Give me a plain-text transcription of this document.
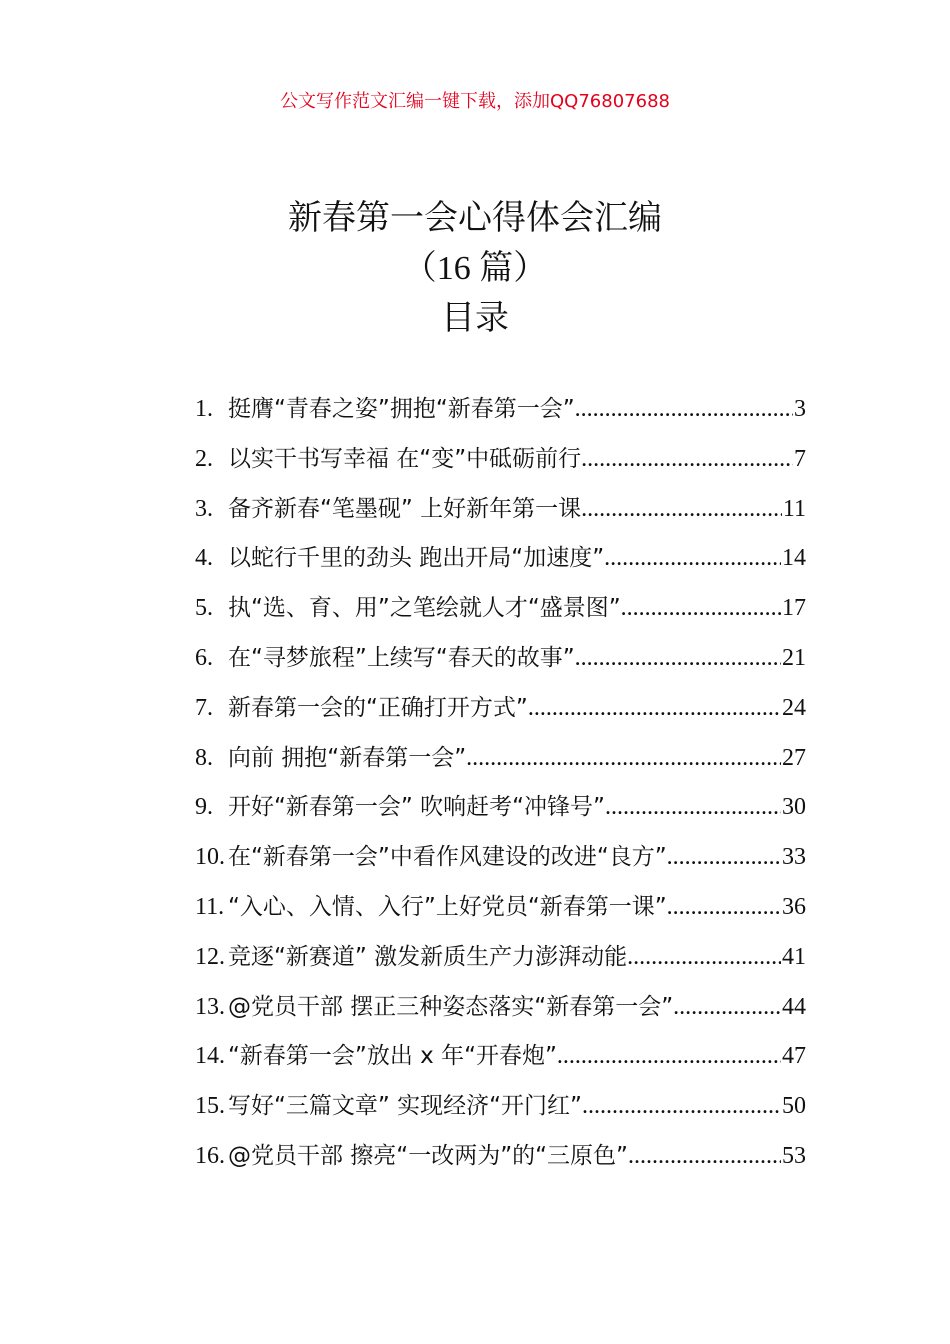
公文写作范文汇编一键下载，添加QQ76807688
新春第一会心得体会汇编
（16 篇）
目录
1. 挺膺“青春之姿”拥抱“新春第一会” .....	3
2. 以实干书写幸福 在“变”中砥砺前行 .....	7
3. 备齐新春“笔墨砚” 上好新年第一课 .....	11
4. 以蛇行千里的劲头 跑出开局“加速度” .....	14
5. 执“选、育、用”之笔绘就人才“盛景图” .....	17
6. 在“寻梦旅程”上续写“春天的故事” .....	21
7. 新春第一会的“正确打开方式” .....	24
8. 向前 拥抱“新春第一会” .....	27
9. 开好“新春第一会” 吹响赶考“冲锋号” .....	30
10. 在“新春第一会”中看作风建设的改进“良方” .....	33
11. “入心、入情、入行”上好党员“新春第一课” .....	36
12. 竞逐“新赛道” 激发新质生产力澎湃动能 .....	41
13. @党员干部 摆正三种姿态落实“新春第一会” .....	44
14. “新春第一会”放出 x 年“开春炮” .....	47
15. 写好“三篇文章” 实现经济“开门红” .....	50
16. @党员干部 擦亮“一改两为”的“三原色” .....	53
